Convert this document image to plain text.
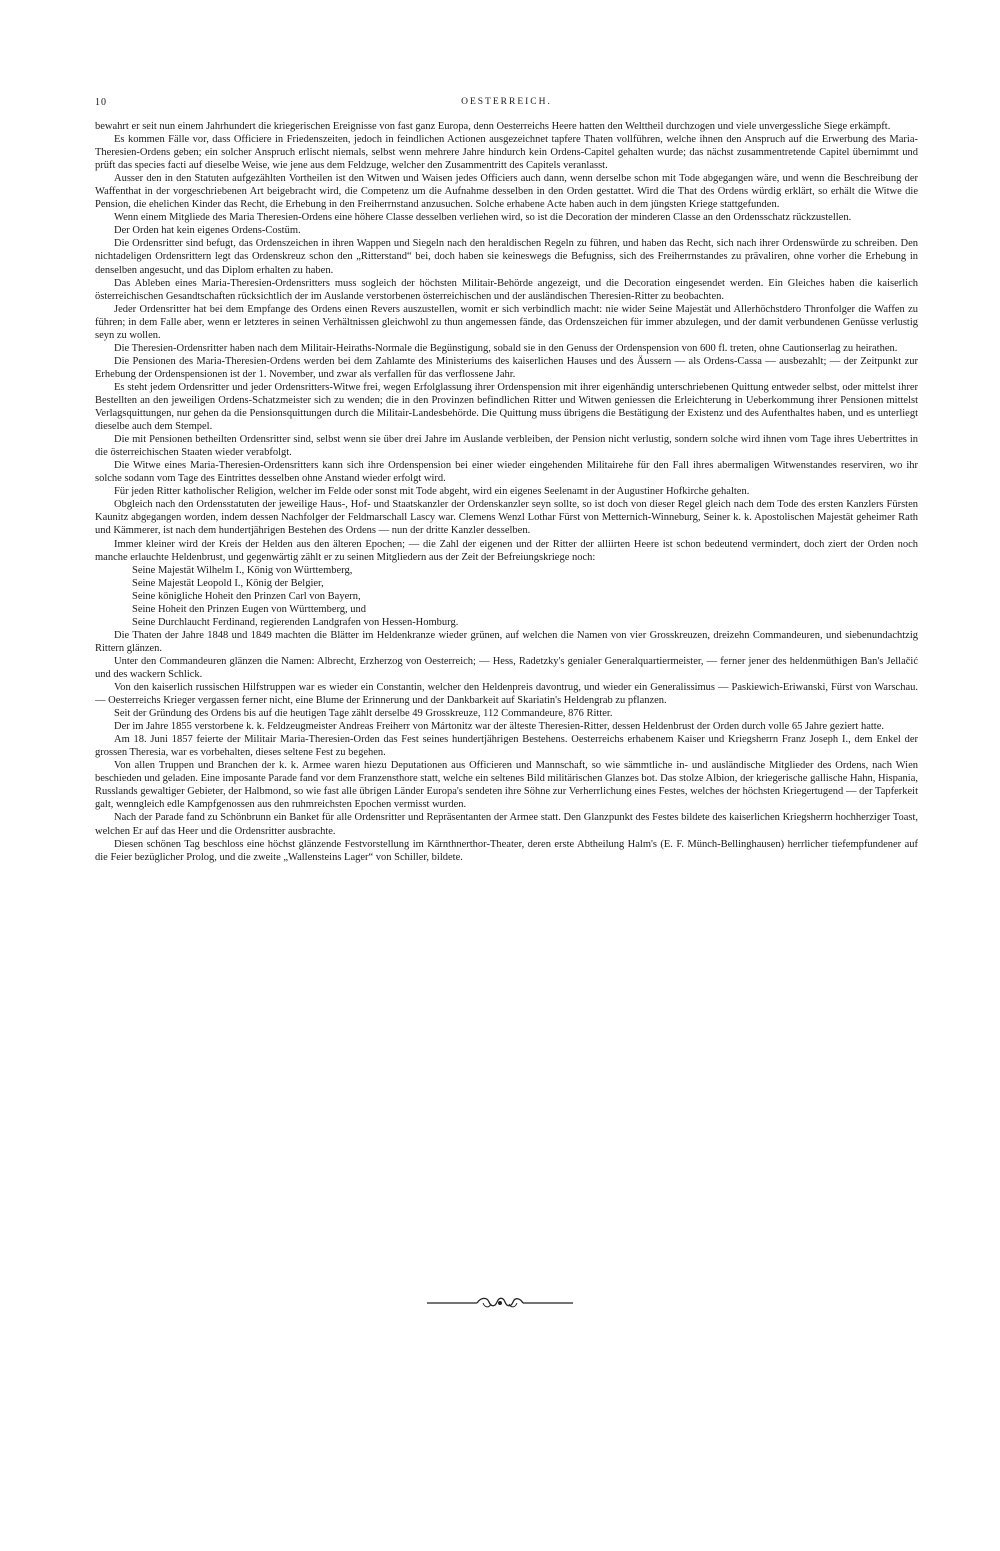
10	OESTERREICH.

bewahrt er seit nun einem Jahrhundert die kriegerischen Ereignisse von fast ganz Europa, denn Oesterreichs Heere hatten den Welttheil durchzogen und viele unvergessliche Siege erkämpft.

Es kommen Fälle vor, dass Officiere in Friedenszeiten, jedoch in feindlichen Actionen ausgezeichnet tapfere Thaten vollführen, welche ihnen den Anspruch auf die Erwerbung des Maria-Theresien-Ordens geben; ein solcher Anspruch erlischt niemals, selbst wenn mehrere Jahre hindurch kein Ordens-Capitel gehalten wurde; das nächst zusammentretende Capitel übernimmt und prüft das species facti auf dieselbe Weise, wie jene aus dem Feldzuge, welcher den Zusammentritt des Capitels veranlasst.

Ausser den in den Statuten aufgezählten Vortheilen ist den Witwen und Waisen jedes Officiers auch dann, wenn derselbe schon mit Tode abgegangen wäre, und wenn die Beschreibung der Waffenthat in der vorgeschriebenen Art beigebracht wird, die Competenz um die Aufnahme desselben in den Orden gestattet. Wird die That des Ordens würdig erklärt, so erhält die Witwe die Pension, die ehelichen Kinder das Recht, die Erhebung in den Freiherrnstand anzusuchen. Solche erhabene Acte haben auch in dem jüngsten Kriege stattgefunden.

Wenn einem Mitgliede des Maria Theresien-Ordens eine höhere Classe desselben verliehen wird, so ist die Decoration der minderen Classe an den Ordensschatz rückzustellen.

Der Orden hat kein eigenes Ordens-Costüm.

Die Ordensritter sind befugt, das Ordenszeichen in ihren Wappen und Siegeln nach den heraldischen Regeln zu führen, und haben das Recht, sich nach ihrer Ordenswürde zu schreiben. Den nichtadeligen Ordensrittern legt das Ordenskreuz schon den „Ritterstand“ bei, doch haben sie keineswegs die Befugniss, sich des Freiherrnstandes zu prävaliren, ohne vorher die Erhebung in denselben angesucht, und das Diplom erhalten zu haben.

Das Ableben eines Maria-Theresien-Ordensritters muss sogleich der höchsten Militair-Behörde angezeigt, und die Decoration eingesendet werden. Ein Gleiches haben die kaiserlich österreichischen Gesandtschaften rücksichtlich der im Auslande verstorbenen österreichischen und der ausländischen Theresien-Ritter zu beobachten.

Jeder Ordensritter hat bei dem Empfange des Ordens einen Revers auszustellen, womit er sich verbindlich macht: nie wider Seine Majestät und Allerhöchstdero Thronfolger die Waffen zu führen; in dem Falle aber, wenn er letzteres in seinen Verhältnissen gleichwohl zu thun angemessen fände, das Ordenszeichen für immer abzulegen, und der damit verbundenen Genüsse verlustig seyn zu wollen.

Die Theresien-Ordensritter haben nach dem Militair-Heiraths-Normale die Begünstigung, sobald sie in den Genuss der Ordenspension von 600 fl. treten, ohne Cautionserlag zu heirathen.

Die Pensionen des Maria-Theresien-Ordens werden bei dem Zahlamte des Ministeriums des kaiserlichen Hauses und des Äussern — als Ordens-Cassa — ausbezahlt; — der Zeitpunkt zur Erhebung der Ordenspensionen ist der 1. November, und zwar als verfallen für das verflossene Jahr.

Es steht jedem Ordensritter und jeder Ordensritters-Witwe frei, wegen Erfolglassung ihrer Ordenspension mit ihrer eigenhändig unterschriebenen Quittung entweder selbst, oder mittelst ihrer Bestellten an den jeweiligen Ordens-Schatzmeister sich zu wenden; die in den Provinzen befindlichen Ritter und Witwen geniessen die Erleichterung in Ueberkommung ihrer Pensionen mittelst Verlagsquittungen, nur gehen da die Pensionsquittungen durch die Militair-Landesbehörde. Die Quittung muss übrigens die Bestätigung der Existenz und des Aufenthaltes haben, und es unterliegt dieselbe auch dem Stempel.

Die mit Pensionen betheilten Ordensritter sind, selbst wenn sie über drei Jahre im Auslande verbleiben, der Pension nicht verlustig, sondern solche wird ihnen vom Tage ihres Uebertrittes in die österreichischen Staaten wieder verabfolgt.

Die Witwe eines Maria-Theresien-Ordensritters kann sich ihre Ordenspension bei einer wieder eingehenden Militairehe für den Fall ihres abermaligen Witwenstandes reserviren, wo ihr solche sodann vom Tage des Eintrittes desselben ohne Anstand wieder erfolgt wird.

Für jeden Ritter katholischer Religion, welcher im Felde oder sonst mit Tode abgeht, wird ein eigenes Seelenamt in der Augustiner Hofkirche gehalten.

Obgleich nach den Ordensstatuten der jeweilige Haus-, Hof- und Staatskanzler der Ordenskanzler seyn sollte, so ist doch von dieser Regel gleich nach dem Tode des ersten Kanzlers Fürsten Kaunitz abgegangen worden, indem dessen Nachfolger der Feldmarschall Lascy war. Clemens Wenzl Lothar Fürst von Metternich-Winneburg, Seiner k. k. Apostolischen Majestät geheimer Rath und Kämmerer, ist nach dem hundertjährigen Bestehen des Ordens — nun der dritte Kanzler desselben.

Immer kleiner wird der Kreis der Helden aus den älteren Epochen; — die Zahl der eigenen und der Ritter der alliirten Heere ist schon bedeutend vermindert, doch ziert der Orden noch manche erlauchte Heldenbrust, und gegenwärtig zählt er zu seinen Mitgliedern aus der Zeit der Befreiungskriege noch:

Seine Majestät Wilhelm I., König von Württemberg,

Seine Majestät Leopold I., König der Belgier,

Seine königliche Hoheit den Prinzen Carl von Bayern,

Seine Hoheit den Prinzen Eugen von Württemberg, und

Seine Durchlaucht Ferdinand, regierenden Landgrafen von Hessen-Homburg.

Die Thaten der Jahre 1848 und 1849 machten die Blätter im Heldenkranze wieder grünen, auf welchen die Namen von vier Grosskreuzen, dreizehn Commandeuren, und siebenundachtzig Rittern glänzen.

Unter den Commandeuren glänzen die Namen: Albrecht, Erzherzog von Oesterreich; — Hess, Radetzky's genialer Generalquartiermeister, — ferner jener des heldenmüthigen Ban's Jellačić und des wackern Schlick.

Von den kaiserlich russischen Hilfstruppen war es wieder ein Constantin, welcher den Heldenpreis davontrug, und wieder ein Generalissimus — Paskiewich-Eriwanski, Fürst von Warschau. — Oesterreichs Krieger vergassen ferner nicht, eine Blume der Erinnerung und der Dankbarkeit auf Skariatin's Heldengrab zu pflanzen.

Seit der Gründung des Ordens bis auf die heutigen Tage zählt derselbe 49 Grosskreuze, 112 Commandeure, 876 Ritter.

Der im Jahre 1855 verstorbene k. k. Feldzeugmeister Andreas Freiherr von Mártonitz war der älteste Theresien-Ritter, dessen Heldenbrust der Orden durch volle 65 Jahre geziert hatte.

Am 18. Juni 1857 feierte der Militair Maria-Theresien-Orden das Fest seines hundertjährigen Bestehens. Oesterreichs erhabenem Kaiser und Kriegsherrn Franz Joseph I., dem Enkel der grossen Theresia, war es vorbehalten, dieses seltene Fest zu begehen.

Von allen Truppen und Branchen der k. k. Armee waren hiezu Deputationen aus Officieren und Mannschaft, so wie sämmtliche in- und ausländische Mitglieder des Ordens, nach Wien beschieden und geladen. Eine imposante Parade fand vor dem Franzensthore statt, welche ein seltenes Bild militärischen Glanzes bot. Das stolze Albion, der kriegerische gallische Hahn, Hispania, Russlands gewaltiger Gebieter, der Halbmond, so wie fast alle übrigen Länder Europa's sendeten ihre Söhne zur Verherrlichung eines Festes, welches der höchsten Kriegertugend — der Tapferkeit galt, wenngleich edle Kampfgenossen aus den ruhmreichsten Epochen vermisst wurden.

Nach der Parade fand zu Schönbrunn ein Banket für alle Ordensritter und Repräsentanten der Armee statt. Den Glanzpunkt des Festes bildete des kaiserlichen Kriegsherrn hochherziger Toast, welchen Er auf das Heer und die Ordensritter ausbrachte.

Diesen schönen Tag beschloss eine höchst glänzende Festvorstellung im Kärnthnerthor-Theater, deren erste Abtheilung Halm's (E. F. Münch-Bellinghausen) herrlicher tiefempfundener auf die Feier bezüglicher Prolog, und die zweite „Wallensteins Lager“ von Schiller, bildete.
